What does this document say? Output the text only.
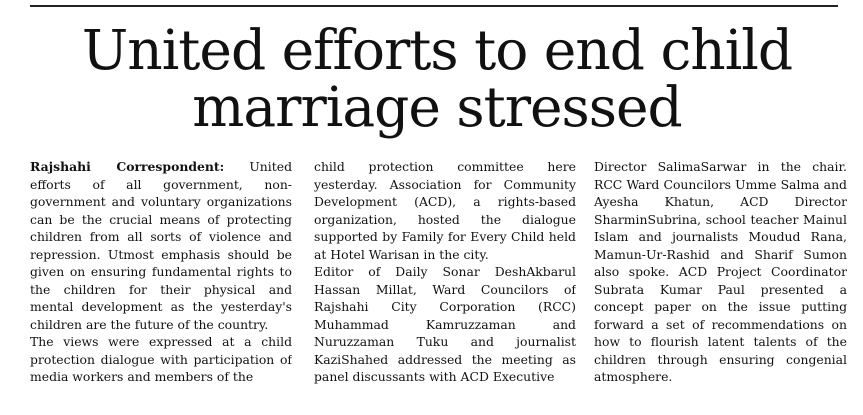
United efforts to end child
marriage stressed

Rajshahi Correspondent: United efforts of all government, non-government and voluntary organizations can be the crucial means of protecting children from all sorts of violence and repression. Utmost emphasis should be given on ensuring fundamental rights to the children for their physical and mental development as the yesterday's children are the future of the country.

The views were expressed at a child protection dialogue with participation of media workers and members of the

child protection committee here yesterday. Association for Community Development (ACD), a rights-based organization, hosted the dialogue supported by Family for Every Child held at Hotel Warisan in the city.

Editor of Daily Sonar DeshAkbarul Hassan Millat, Ward Councilors of Rajshahi City Corporation (RCC) Muhammad Kamruzzaman and Nuruzzaman Tuku and journalist KaziShahed addressed the meeting as panel discussants with ACD Executive

Director SalimaSarwar in the chair. RCC Ward Councilors Umme Salma and Ayesha Khatun, ACD Director SharminSubrina, school teacher Mainul Islam and journalists Moudud Rana, Mamun-Ur-Rashid and Sharif Sumon also spoke. ACD Project Coordinator Subrata Kumar Paul presented a concept paper on the issue putting forward a set of recommendations on how to flourish latent talents of the children through ensuring congenial atmosphere.
